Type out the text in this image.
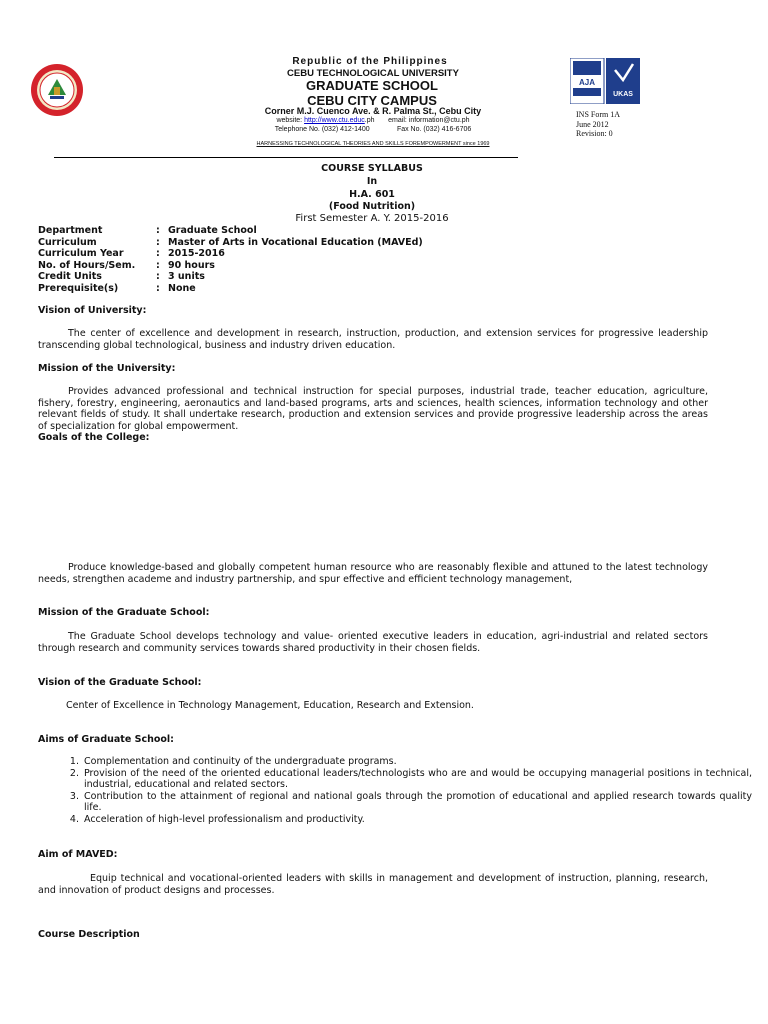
Republic of the Philippines
CEBU TECHNOLOGICAL UNIVERSITY
GRADUATE SCHOOL
CEBU CITY CAMPUS
Corner M.J. Cuenco Ave. & R. Palma St., Cebu City
website: http://www.ctu.educ.ph email: information@ctu.ph
Telephone No. (032) 412-1400	Fax No. (032) 416-6706
HARNESSING TECHNOLOGICAL THEORIES AND SKILLS FOREMPOWERMENT since 1969
AJA
UKAS
INS Form 1A
June 2012
Revision: 0
COURSE SYLLABUS
In
H.A. 601
(Food Nutrition)
First Semester A. Y. 2015-2016
Department	: Graduate School
Curriculum	: Master of Arts in Vocational Education (MAVEd)
Curriculum Year	: 2015-2016
No. of Hours/Sem.	: 90 hours
Credit Units	: 3 units
Prerequisite(s)	: None
Vision of University:
The center of excellence and development in research, instruction, production, and extension services for progressive leadership transcending global technological, business and industry driven education.
Mission of the University:
Provides advanced professional and technical instruction for special purposes, industrial trade, teacher education, agriculture, fishery, forestry, engineering, aeronautics and land-based programs, arts and sciences, health sciences, information technology and other relevant fields of study. It shall undertake research, production and extension services and provide progressive leadership across the areas of specialization for global empowerment.
Goals of the College:
Produce knowledge-based and globally competent human resource who are reasonably flexible and attuned to the latest technology needs, strengthen academe and industry partnership, and spur effective and efficient technology management,
Mission of the Graduate School:
The Graduate School develops technology and value- oriented executive leaders in education, agri-industrial and related sectors through research and community services towards shared productivity in their chosen fields.
Vision of the Graduate School:
Center of Excellence in Technology Management, Education, Research and Extension.
Aims of Graduate School:
1. Complementation and continuity of the undergraduate programs.
2. Provision of the need of the oriented educational leaders/technologists who are and would be occupying managerial positions in technical, industrial, educational and related sectors.
3. Contribution to the attainment of regional and national goals through the promotion of educational and applied research towards quality life.
4. Acceleration of high-level professionalism and productivity.
Aim of MAVED:
Equip technical and vocational-oriented leaders with skills in management and development of instruction, planning, research, and innovation of product designs and processes.
Course Description
